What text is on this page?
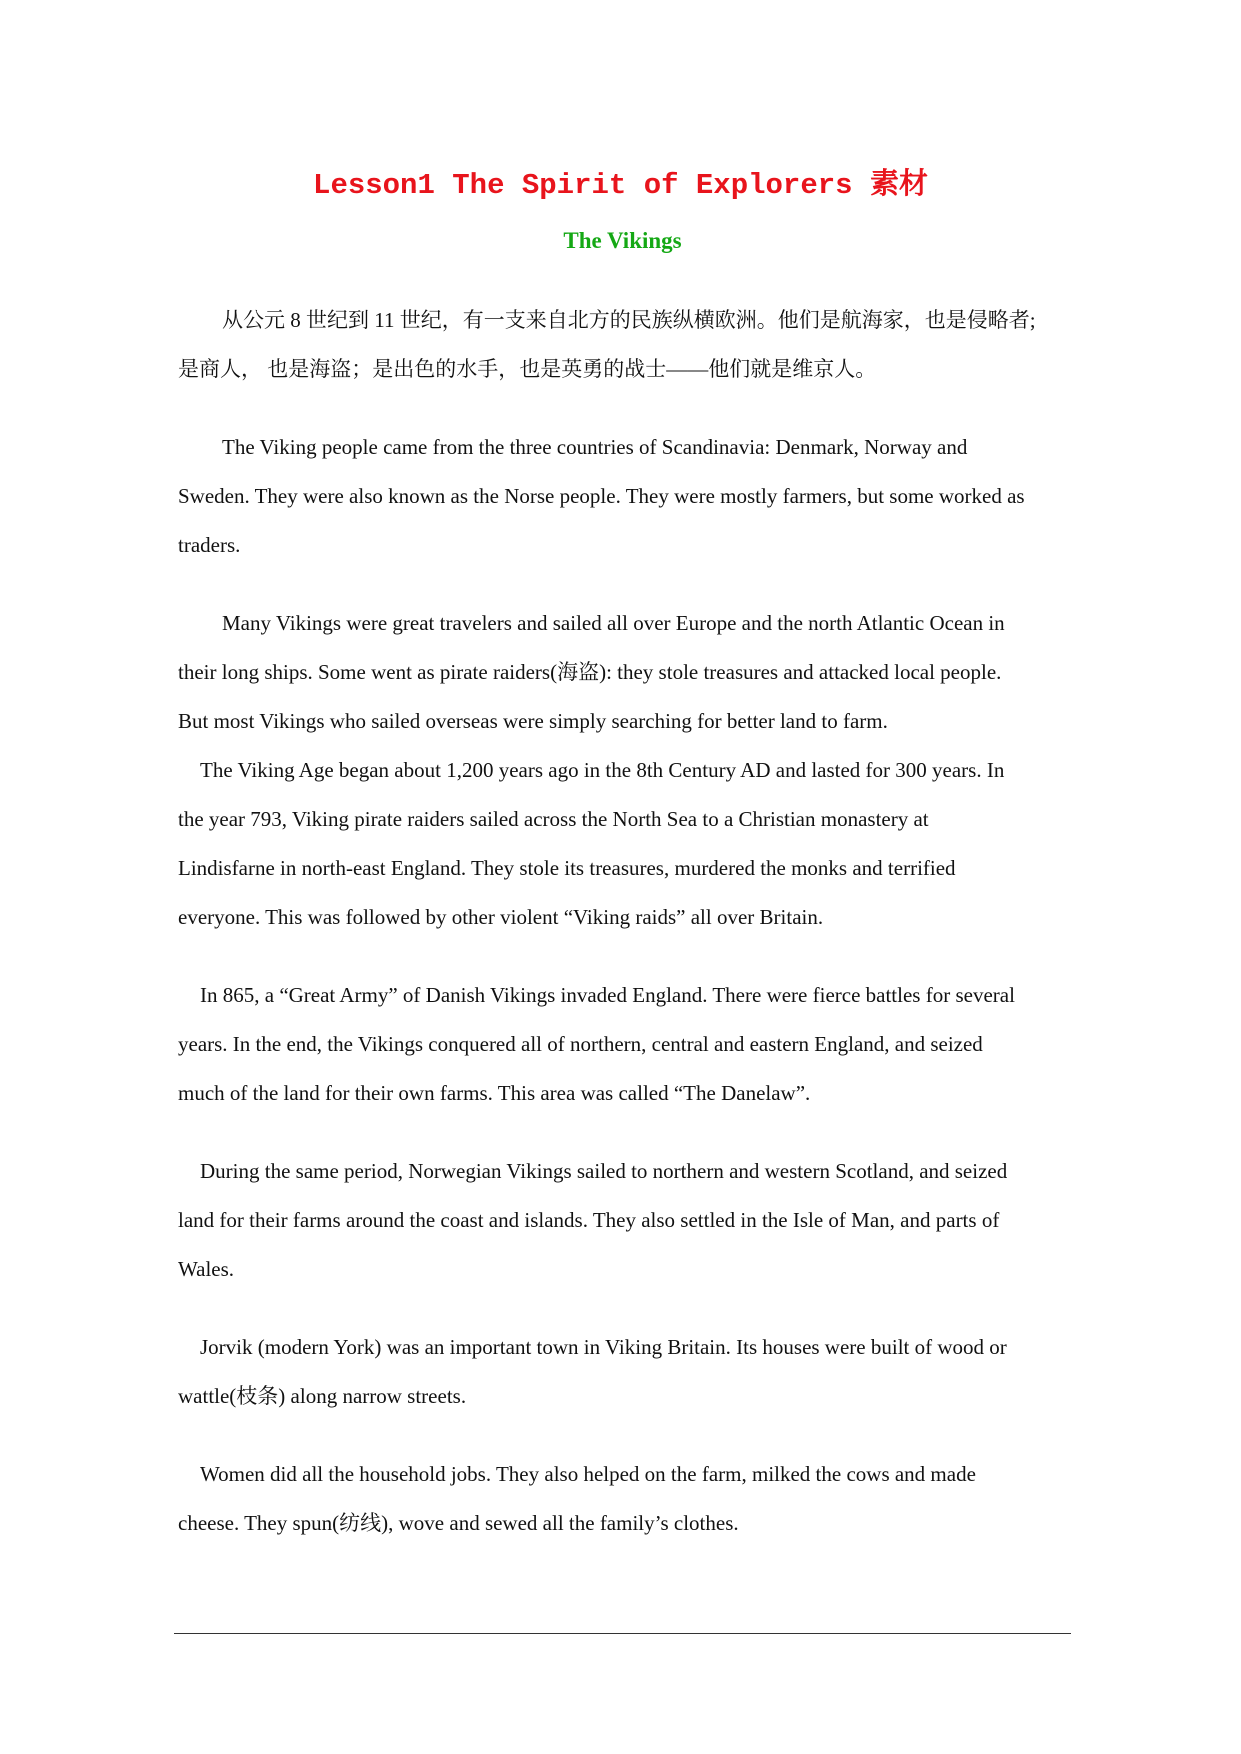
Lesson1 The Spirit of Explorers 素材
The Vikings
从公元 8 世纪到 11 世纪，有一支来自北方的民族纵横欧洲。他们是航海家，也是侵略者;
是商人， 也是海盗；是出色的水手，也是英勇的战士——他们就是维京人。
The Viking people came from the three countries of Scandinavia: Denmark, Norway and
Sweden. They were also known as the Norse people. They were mostly farmers, but some worked as
traders.
Many Vikings were great travelers and sailed all over Europe and the north Atlantic Ocean in
their long ships. Some went as pirate raiders(海盗): they stole treasures and attacked local people.
But most Vikings who sailed overseas were simply searching for better land to farm.
The Viking Age began about 1,200 years ago in the 8th Century AD and lasted for 300 years. In
the year 793, Viking pirate raiders sailed across the North Sea to a Christian monastery at
Lindisfarne in north-east England. They stole its treasures, murdered the monks and terrified
everyone. This was followed by other violent “Viking raids” all over Britain.
In 865, a “Great Army” of Danish Vikings invaded England. There were fierce battles for several
years. In the end, the Vikings conquered all of northern, central and eastern England, and seized
much of the land for their own farms. This area was called “The Danelaw”.
During the same period, Norwegian Vikings sailed to northern and western Scotland, and seized
land for their farms around the coast and islands. They also settled in the Isle of Man, and parts of
Wales.
Jorvik (modern York) was an important town in Viking Britain. Its houses were built of wood or
wattle(枝条) along narrow streets.
Women did all the household jobs. They also helped on the farm, milked the cows and made
cheese. They spun(纺线), wove and sewed all the family’s clothes.
